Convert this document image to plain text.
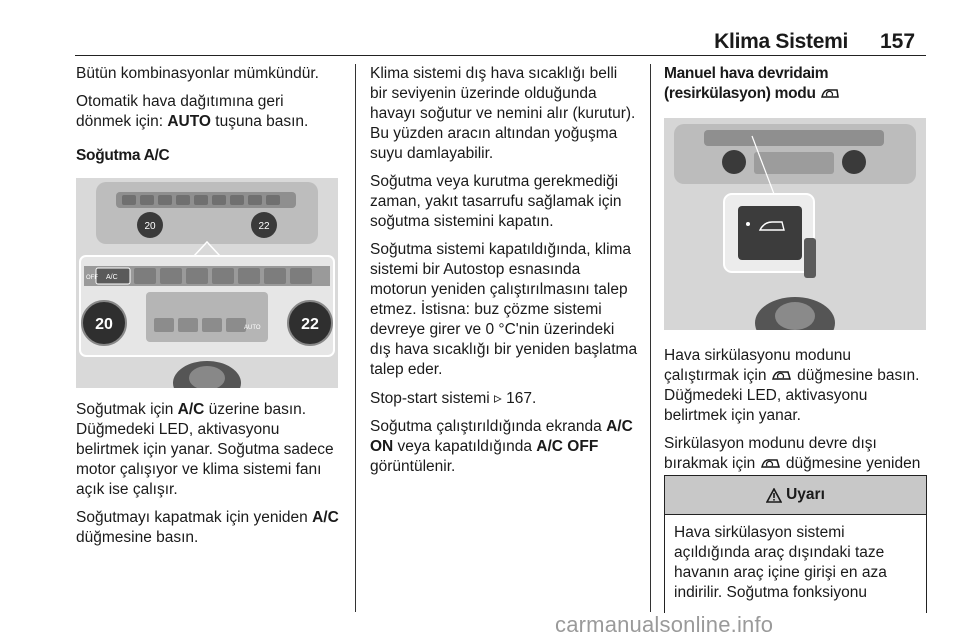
Klima Sistemi 157

Bütün kombinasyonlar mümkündür.

Otomatik hava dağıtımına geri dönmek için: AUTO tuşuna basın.

Soğutma A/C

20	22
OFF A/C
AUTO
20	22

Soğutmak için A/C üzerine basın. Düğmedeki LED, aktivasyonu belirtmek için yanar. Soğutma sadece motor çalışıyor ve klima sistemi fanı açık ise çalışır.

Soğutmayı kapatmak için yeniden A/C düğmesine basın.

Klima sistemi dış hava sıcaklığı belli bir seviyenin üzerinde olduğunda havayı soğutur ve nemini alır (kurutur). Bu yüzden aracın altından yoğuşma suyu damlayabilir.

Soğutma veya kurutma gerekmediği zaman, yakıt tasarrufu sağlamak için soğutma sistemini kapatın.

Soğutma sistemi kapatıldığında, klima sistemi bir Autostop esnasında motorun yeniden çalıştırılmasını talep etmez. İstisna: buz çözme sistemi devreye girer ve 0 °C'nin üzerindeki dış hava sıcaklığı bir yeniden başlatma talep eder.

Stop-start sistemi ▹ 167.

Soğutma çalıştırıldığında ekranda A/C ON veya kapatıldığında A/C OFF görüntülenir.

Manuel hava devridaim
(resirkülasyon) modu

Hava sirkülasyonu modunu çalıştırmak için  düğmesine basın. Düğmedeki LED, aktivasyonu belirtmek için yanar.

Sirkülasyon modunu devre dışı bırakmak için  düğmesine yeniden

Uyarı
Hava sirkülasyon sistemi açıldığında araç dışındaki taze havanın araç içine girişi en aza indirilir. Soğutma fonksiyonu
carmanualsonline.info
